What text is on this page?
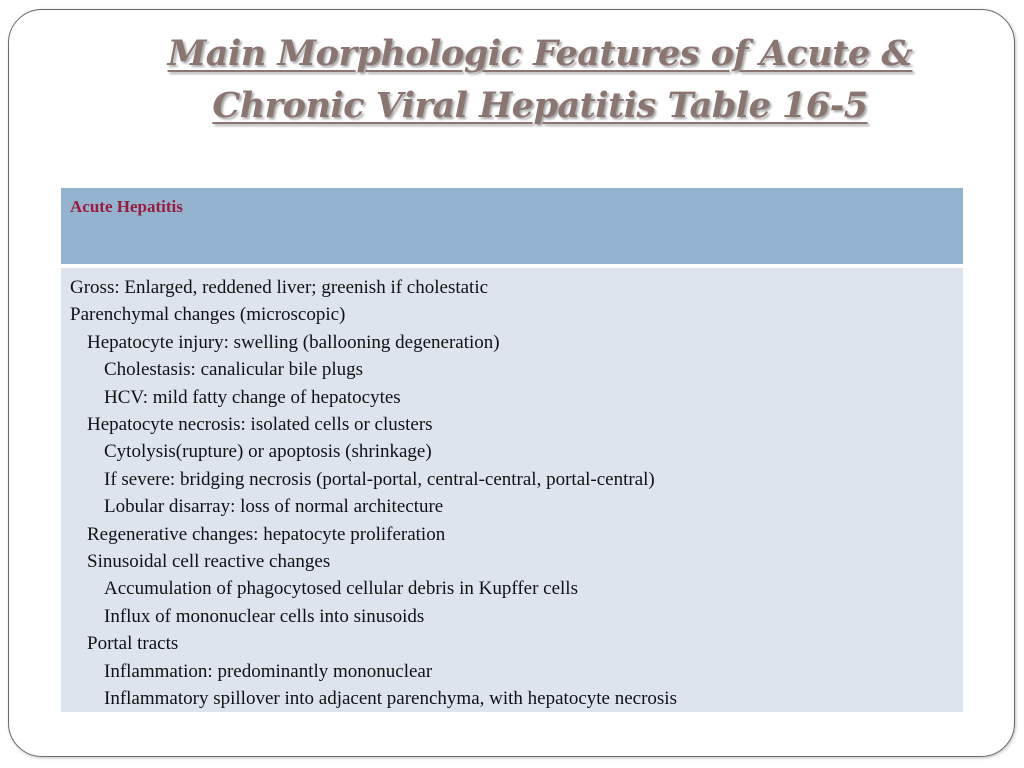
Main Morphologic Features of Acute &
Chronic Viral Hepatitis Table 16-5
Acute Hepatitis
Gross: Enlarged, reddened liver; greenish if cholestatic
Parenchymal changes (microscopic)
Hepatocyte injury: swelling (ballooning degeneration)
Cholestasis: canalicular bile plugs
HCV: mild fatty change of hepatocytes
Hepatocyte necrosis: isolated cells or clusters
Cytolysis(rupture) or apoptosis (shrinkage)
If severe: bridging necrosis (portal-portal, central-central, portal-central)
Lobular disarray: loss of normal architecture
Regenerative changes: hepatocyte proliferation
Sinusoidal cell reactive changes
Accumulation of phagocytosed cellular debris in Kupffer cells
Influx of mononuclear cells into sinusoids
Portal tracts
Inflammation: predominantly mononuclear
Inflammatory spillover into adjacent parenchyma, with hepatocyte necrosis
